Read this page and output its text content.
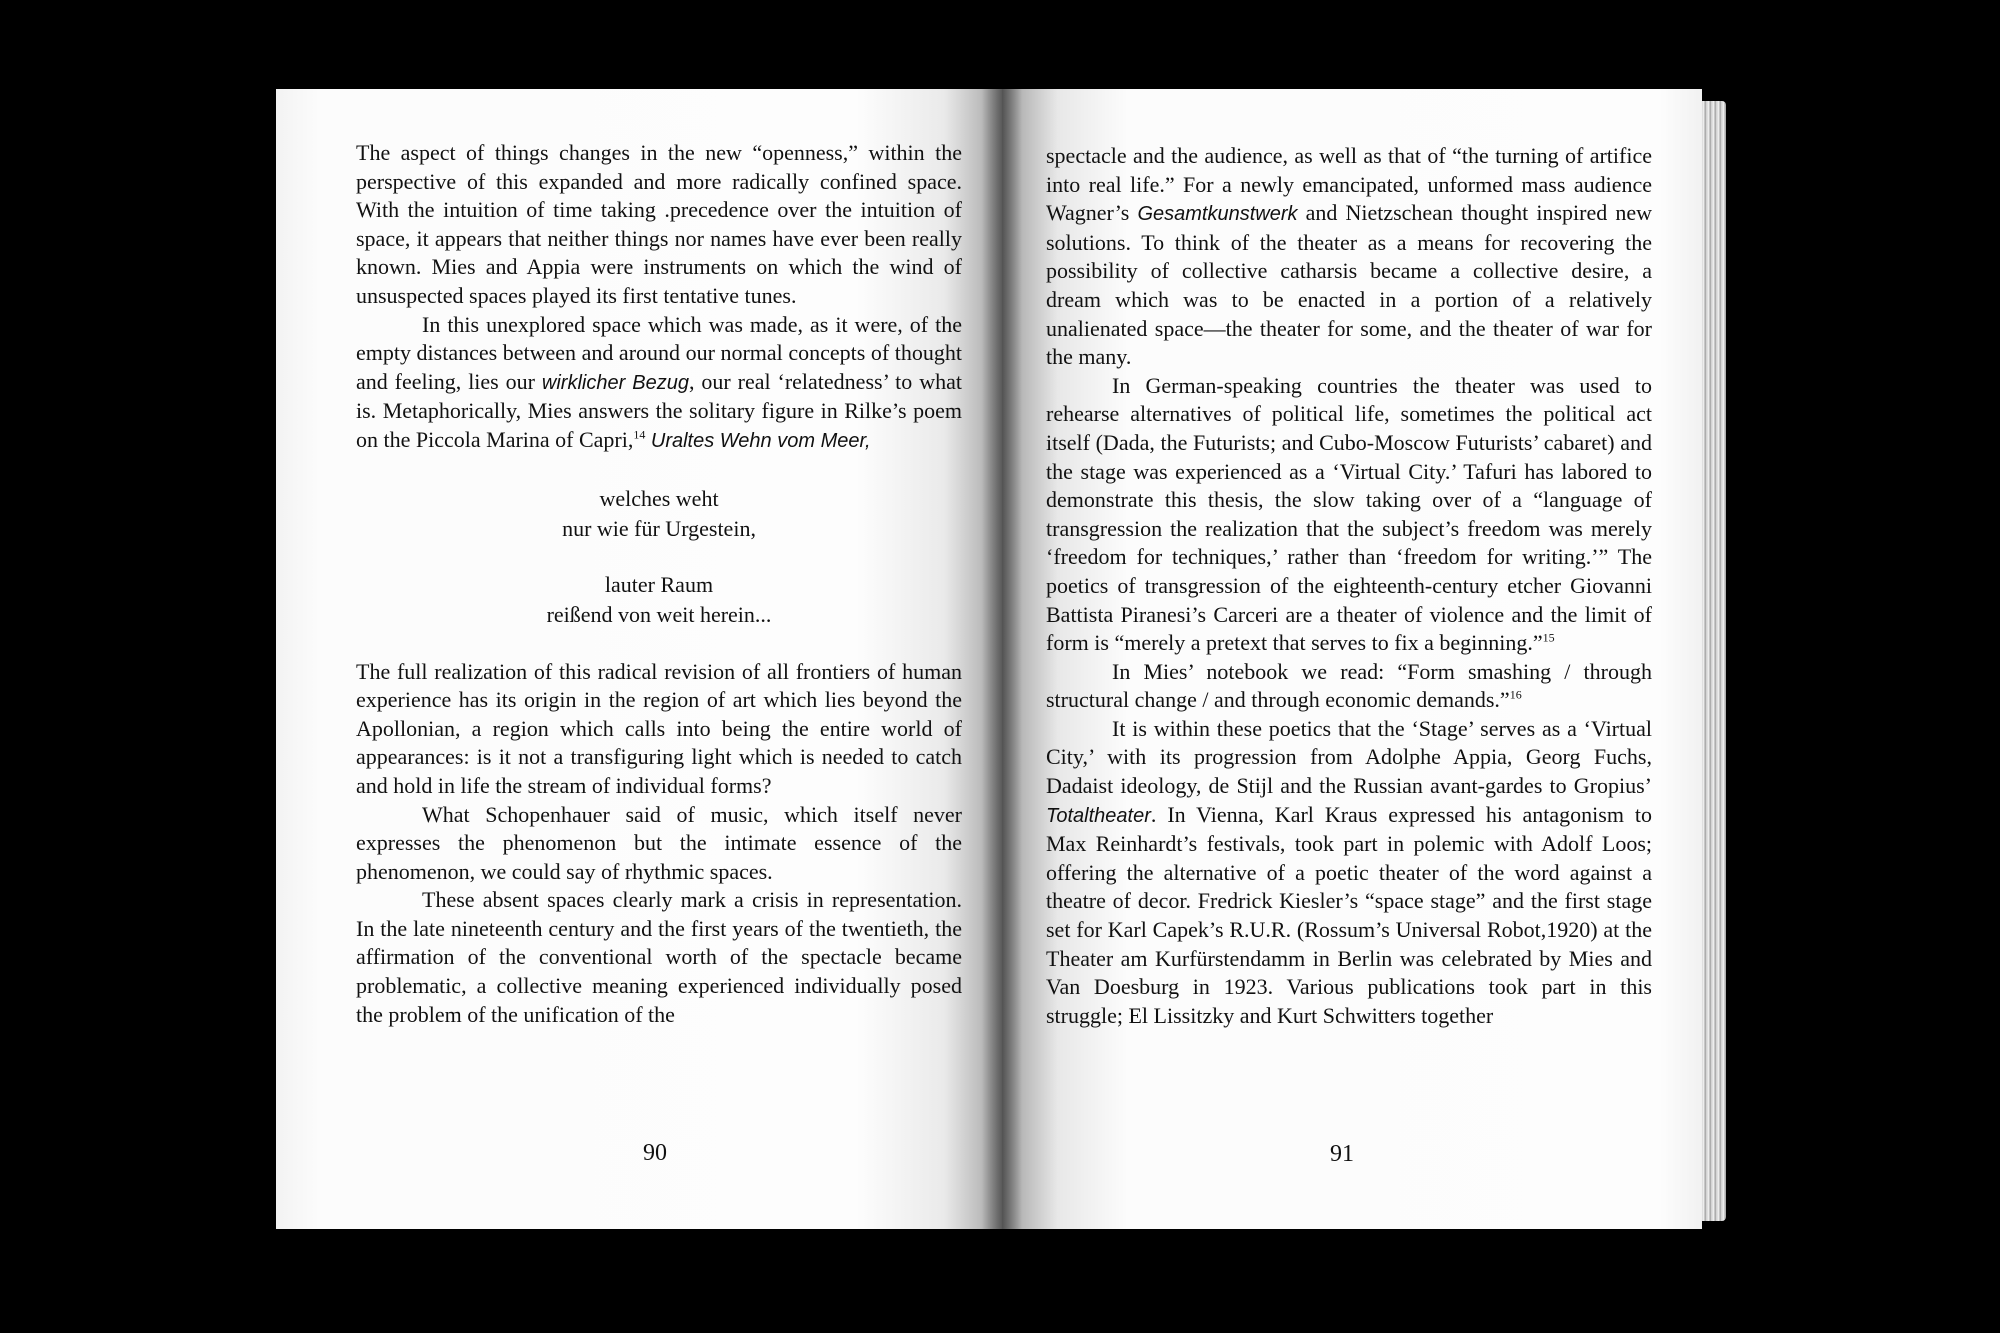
The aspect of things changes in the new “openness,” within the perspective of this expanded and more radically confined space. With the intuition of time taking .precedence over the intuition of space, it appears that neither things nor names have ever been really known. Mies and Appia were instruments on which the wind of unsuspected spaces played its first tentative tunes.

In this unexplored space which was made, as it were, of the empty distances between and around our normal concepts of thought and feeling, lies our wirklicher Bezug, our real ‘relatedness’ to what is. Metaphorically, Mies answers the solitary figure in Rilke’s poem on the Piccola Marina of Capri,$^{14}$ Uraltes Wehn vom Meer,

welches weht
nur wie für Urgestein,
lauter Raum
reißend von weit herein...

The full realization of this radical revision of all frontiers of human experience has its origin in the region of art which lies beyond the Apollonian, a region which calls into being the entire world of appearances: is it not a transfiguring light which is needed to catch and hold in life the stream of individual forms?

What Schopenhauer said of music, which itself never expresses the phenomenon but the intimate essence of the phenomenon, we could say of rhythmic spaces.

These absent spaces clearly mark a crisis in representation. In the late nineteenth century and the first years of the twentieth, the affirmation of the conventional worth of the spectacle became problematic, a collective meaning experienced individually posed the problem of the unification of the

90

spectacle and the audience, as well as that of “the turning of artifice into real life.” For a newly emancipated, unformed mass audience Wagner’s Gesamtkunstwerk and Nietzschean thought inspired new solutions. To think of the theater as a means for recovering the possibility of collective catharsis became a collective desire, a dream which was to be enacted in a portion of a relatively unalienated space—the theater for some, and the theater of war for the many.

In German-speaking countries the theater was used to rehearse alternatives of political life, sometimes the political act itself (Dada, the Futurists; and Cubo-Moscow Futurists’ cabaret) and the stage was experienced as a ‘Virtual City.’ Tafuri has labored to demonstrate this thesis, the slow taking over of a “language of transgression the realization that the subject’s freedom was merely ‘freedom for techniques,’ rather than ‘freedom for writing.’” The poetics of transgression of the eighteenth-century etcher Giovanni Battista Piranesi’s Carceri are a theater of violence and the limit of form is “merely a pretext that serves to fix a beginning.”$^{15}$

In Mies’ notebook we read: “Form smashing / through structural change / and through economic demands.”$^{16}$

It is within these poetics that the ‘Stage’ serves as a ‘Virtual City,’ with its progression from Adolphe Appia, Georg Fuchs, Dadaist ideology, de Stijl and the Russian avant-gardes to Gropius’ Totaltheater. In Vienna, Karl Kraus expressed his antagonism to Max Reinhardt’s festivals, took part in polemic with Adolf Loos; offering the alternative of a poetic theater of the word against a theatre of decor. Fredrick Kiesler’s “space stage” and the first stage set for Karl Capek’s R.U.R. (Rossum’s Universal Robot,1920) at the Theater am Kurfürstendamm in Berlin was celebrated by Mies and Van Doesburg in 1923. Various publications took part in this struggle; El Lissitzky and Kurt Schwitters together

91
